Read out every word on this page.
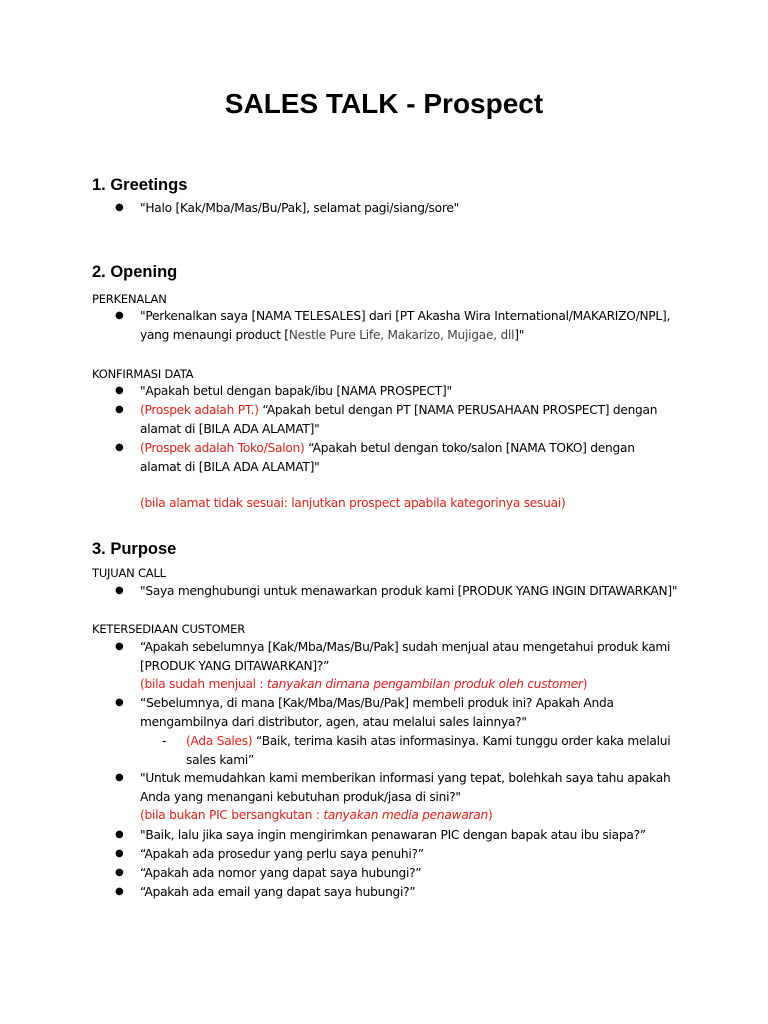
SALES TALK - Prospect
1. Greetings
● "Halo [Kak/Mba/Mas/Bu/Pak], selamat pagi/siang/sore"
2. Opening
PERKENALAN
● "Perkenalkan saya [NAMA TELESALES] dari [PT Akasha Wira International/MAKARIZO/NPL],
yang menaungi product [Nestle Pure Life, Makarizo, Mujigae, dll]"
KONFIRMASI DATA
● "Apakah betul dengan bapak/ibu [NAMA PROSPECT]"
● (Prospek adalah PT.) “Apakah betul dengan PT [NAMA PERUSAHAAN PROSPECT] dengan
alamat di [BILA ADA ALAMAT]"
● (Prospek adalah Toko/Salon) “Apakah betul dengan toko/salon [NAMA TOKO] dengan
alamat di [BILA ADA ALAMAT]"
(bila alamat tidak sesuai: lanjutkan prospect apabila kategorinya sesuai)
3. Purpose
TUJUAN CALL
● "Saya menghubungi untuk menawarkan produk kami [PRODUK YANG INGIN DITAWARKAN]"
KETERSEDIAAN CUSTOMER
● “Apakah sebelumnya [Kak/Mba/Mas/Bu/Pak] sudah menjual atau mengetahui produk kami
[PRODUK YANG DITAWARKAN]?”
(bila sudah menjual : tanyakan dimana pengambilan produk oleh customer)
● “Sebelumnya, di mana [Kak/Mba/Mas/Bu/Pak] membeli produk ini? Apakah Anda
mengambilnya dari distributor, agen, atau melalui sales lainnya?"
- (Ada Sales) “Baik, terima kasih atas informasinya. Kami tunggu order kaka melalui
sales kami”
● "Untuk memudahkan kami memberikan informasi yang tepat, bolehkah saya tahu apakah
Anda yang menangani kebutuhan produk/jasa di sini?"
(bila bukan PIC bersangkutan : tanyakan media penawaran)
● "Baik, lalu jika saya ingin mengirimkan penawaran PIC dengan bapak atau ibu siapa?”
● “Apakah ada prosedur yang perlu saya penuhi?”
● “Apakah ada nomor yang dapat saya hubungi?”
● “Apakah ada email yang dapat saya hubungi?”
